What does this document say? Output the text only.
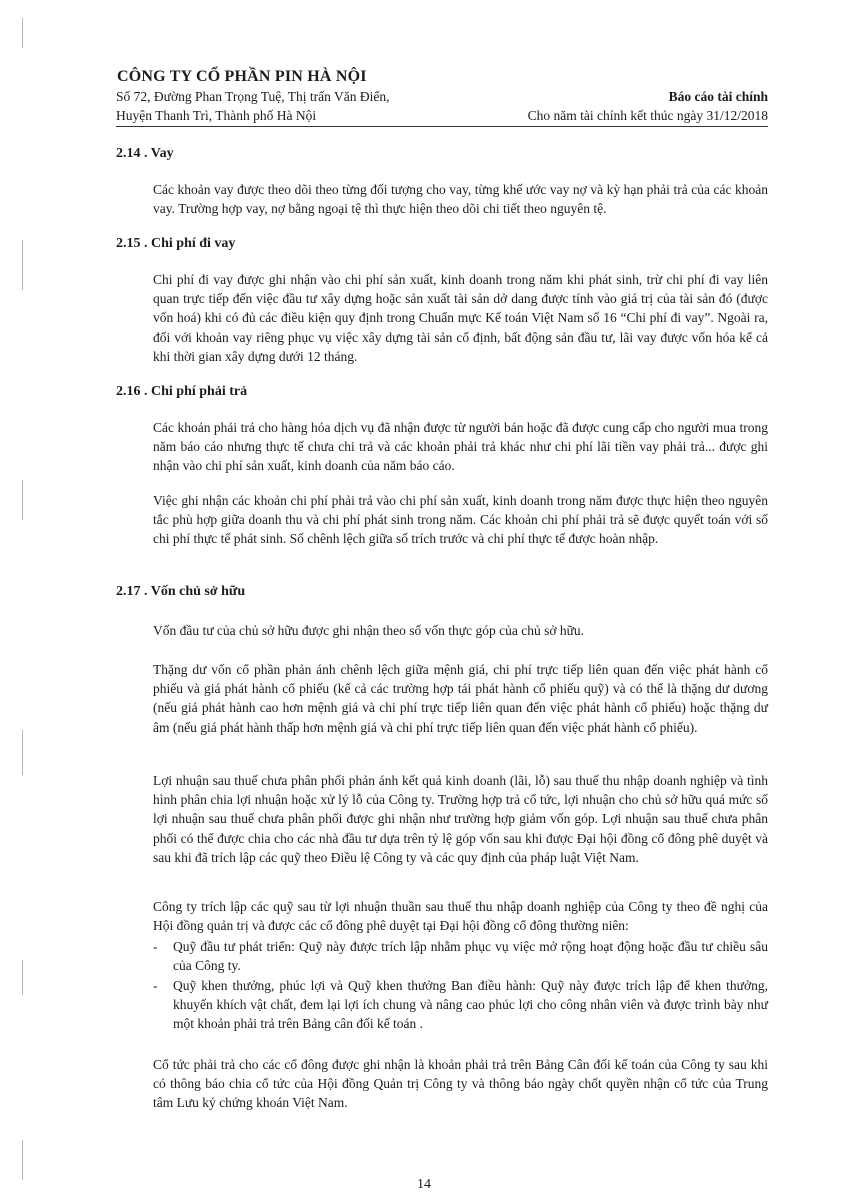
CÔNG TY CỔ PHẦN PIN HÀ NỘI
Số 72, Đường Phan Trọng Tuệ, Thị trấn Văn Điển,
Huyện Thanh Trì, Thành phố Hà Nội
Báo cáo tài chính
Cho năm tài chính kết thúc ngày 31/12/2018
2.14 . Vay

Các khoản vay được theo dõi theo từng đối tượng cho vay, từng khế ước vay nợ và kỳ hạn phải trả của các khoản vay. Trường hợp vay, nợ bằng ngoại tệ thì thực hiện theo dõi chi tiết theo nguyên tệ.

2.15 . Chi phí đi vay

Chi phí đi vay được ghi nhận vào chi phí sản xuất, kinh doanh trong năm khi phát sinh, trừ chi phí đi vay liên quan trực tiếp đến việc đầu tư xây dựng hoặc sản xuất tài sản dở dang được tính vào giá trị của tài sản đó (được vốn hoá) khi có đủ các điều kiện quy định trong Chuẩn mực Kế toán Việt Nam số 16 “Chi phí đi vay”. Ngoài ra, đối với khoản vay riêng phục vụ việc xây dựng tài sản cố định, bất động sản đầu tư, lãi vay được vốn hóa kể cả khi thời gian xây dựng dưới 12 tháng.

2.16 . Chi phí phải trả

Các khoản phải trả cho hàng hóa dịch vụ đã nhận được từ người bán hoặc đã được cung cấp cho người mua trong năm báo cáo nhưng thực tế chưa chi trả và các khoản phải trả khác như chi phí lãi tiền vay phải trả... được ghi nhận vào chi phí sản xuất, kinh doanh của năm báo cáo.

Việc ghi nhận các khoản chi phí phải trả vào chi phí sản xuất, kinh doanh trong năm được thực hiện theo nguyên tắc phù hợp giữa doanh thu và chi phí phát sinh trong năm. Các khoản chi phí phải trả sẽ được quyết toán với số chi phí thực tế phát sinh. Số chênh lệch giữa số trích trước và chi phí thực tế được hoàn nhập.

2.17 . Vốn chủ sở hữu

Vốn đầu tư của chủ sở hữu được ghi nhận theo số vốn thực góp của chủ sở hữu.

Thặng dư vốn cổ phần phản ánh chênh lệch giữa mệnh giá, chi phí trực tiếp liên quan đến việc phát hành cổ phiếu và giá phát hành cổ phiếu (kể cả các trường hợp tái phát hành cổ phiếu quỹ) và có thể là thặng dư dương (nếu giá phát hành cao hơn mệnh giá và chi phí trực tiếp liên quan đến việc phát hành cổ phiếu) hoặc thặng dư âm (nếu giá phát hành thấp hơn mệnh giá và chi phí trực tiếp liên quan đến việc phát hành cổ phiếu).

Lợi nhuận sau thuế chưa phân phối phản ánh kết quả kinh doanh (lãi, lỗ) sau thuế thu nhập doanh nghiệp và tình hình phân chia lợi nhuận hoặc xử lý lỗ của Công ty. Trường hợp trả cổ tức, lợi nhuận cho chủ sở hữu quá mức số lợi nhuận sau thuế chưa phân phối được ghi nhận như trường hợp giảm vốn góp. Lợi nhuận sau thuế chưa phân phối có thể được chia cho các nhà đầu tư dựa trên tỷ lệ góp vốn sau khi được Đại hội đồng cổ đông phê duyệt và sau khi đã trích lập các quỹ theo Điều lệ Công ty và các quy định của pháp luật Việt Nam.

Công ty trích lập các quỹ sau từ lợi nhuận thuần sau thuế thu nhập doanh nghiệp của Công ty theo đề nghị của Hội đồng quản trị và được các cổ đông phê duyệt tại Đại hội đồng cổ đông thường niên:

- Quỹ đầu tư phát triển: Quỹ này được trích lập nhằm phục vụ việc mở rộng hoạt động hoặc đầu tư chiều sâu của Công ty.
- Quỹ khen thưởng, phúc lợi và Quỹ khen thưởng Ban điều hành: Quỹ này được trích lập để khen thưởng, khuyến khích vật chất, đem lại lợi ích chung và nâng cao phúc lợi cho công nhân viên và được trình bày như một khoản phải trả trên Bảng cân đối kế toán .

Cổ tức phải trả cho các cổ đông được ghi nhận là khoản phải trả trên Bảng Cân đối kế toán của Công ty sau khi có thông báo chia cổ tức của Hội đồng Quản trị Công ty và thông báo ngày chốt quyền nhận cổ tức của Trung tâm Lưu ký chứng khoán Việt Nam.

14
